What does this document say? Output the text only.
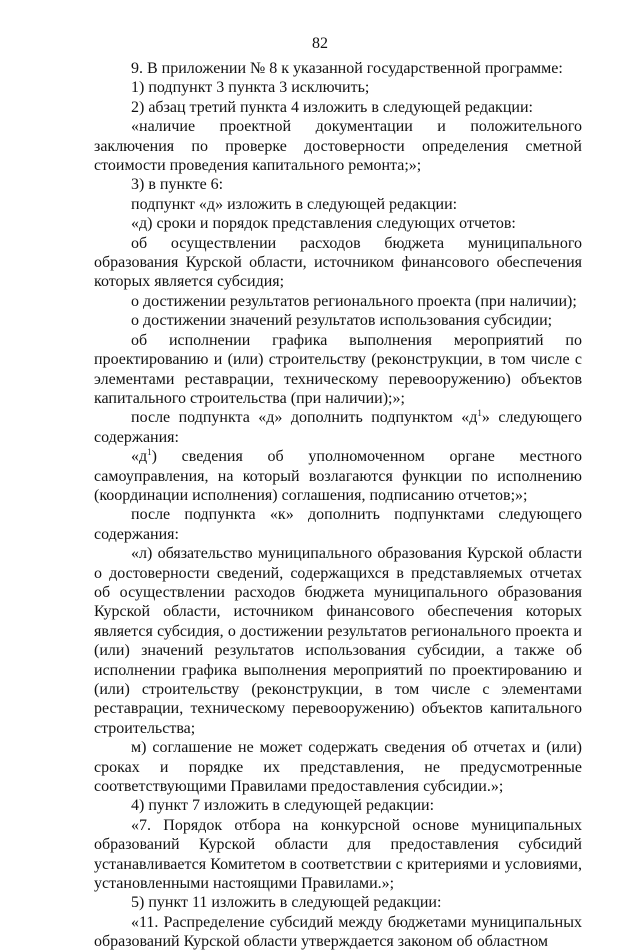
82

9. В приложении № 8 к указанной государственной программе:

1) подпункт 3 пункта 3 исключить;

2) абзац третий пункта 4 изложить в следующей редакции:

«наличие проектной документации и положительного заключения по проверке достоверности определения сметной стоимости проведения капитального ремонта;»;

3) в пункте 6:

подпункт «д» изложить в следующей редакции:

«д) сроки и порядок представления следующих отчетов:

об осуществлении расходов бюджета муниципального образования Курской области, источником финансового обеспечения которых является субсидия;

о достижении результатов регионального проекта (при наличии);

о достижении значений результатов использования субсидии;

об исполнении графика выполнения мероприятий по проектированию и (или) строительству (реконструкции, в том числе с элементами реставрации, техническому перевооружению) объектов капитального строительства (при наличии);»;

после подпункта «д» дополнить подпунктом «$д^1$» следующего содержания:

«$д^1$) сведения об уполномоченном органе местного самоуправления, на который возлагаются функции по исполнению (координации исполнения) соглашения, подписанию отчетов;»;

после подпункта «к» дополнить подпунктами следующего содержания:

«л) обязательство муниципального образования Курской области о достоверности сведений, содержащихся в представляемых отчетах об осуществлении расходов бюджета муниципального образования Курской области, источником финансового обеспечения которых является субсидия, о достижении результатов регионального проекта и (или) значений результатов использования субсидии, а также об исполнении графика выполнения мероприятий по проектированию и (или) строительству (реконструкции, в том числе с элементами реставрации, техническому перевооружению) объектов капитального строительства;

м) соглашение не может содержать сведения об отчетах и (или) сроках и порядке их представления, не предусмотренные соответствующими Правилами предоставления субсидии.»;

4) пункт 7 изложить в следующей редакции:

«7. Порядок отбора на конкурсной основе муниципальных образований Курской области для предоставления субсидий устанавливается Комитетом в соответствии с критериями и условиями, установленными настоящими Правилами.»;

5) пункт 11 изложить в следующей редакции:

«11. Распределение субсидий между бюджетами муниципальных образований Курской области утверждается законом об областном
